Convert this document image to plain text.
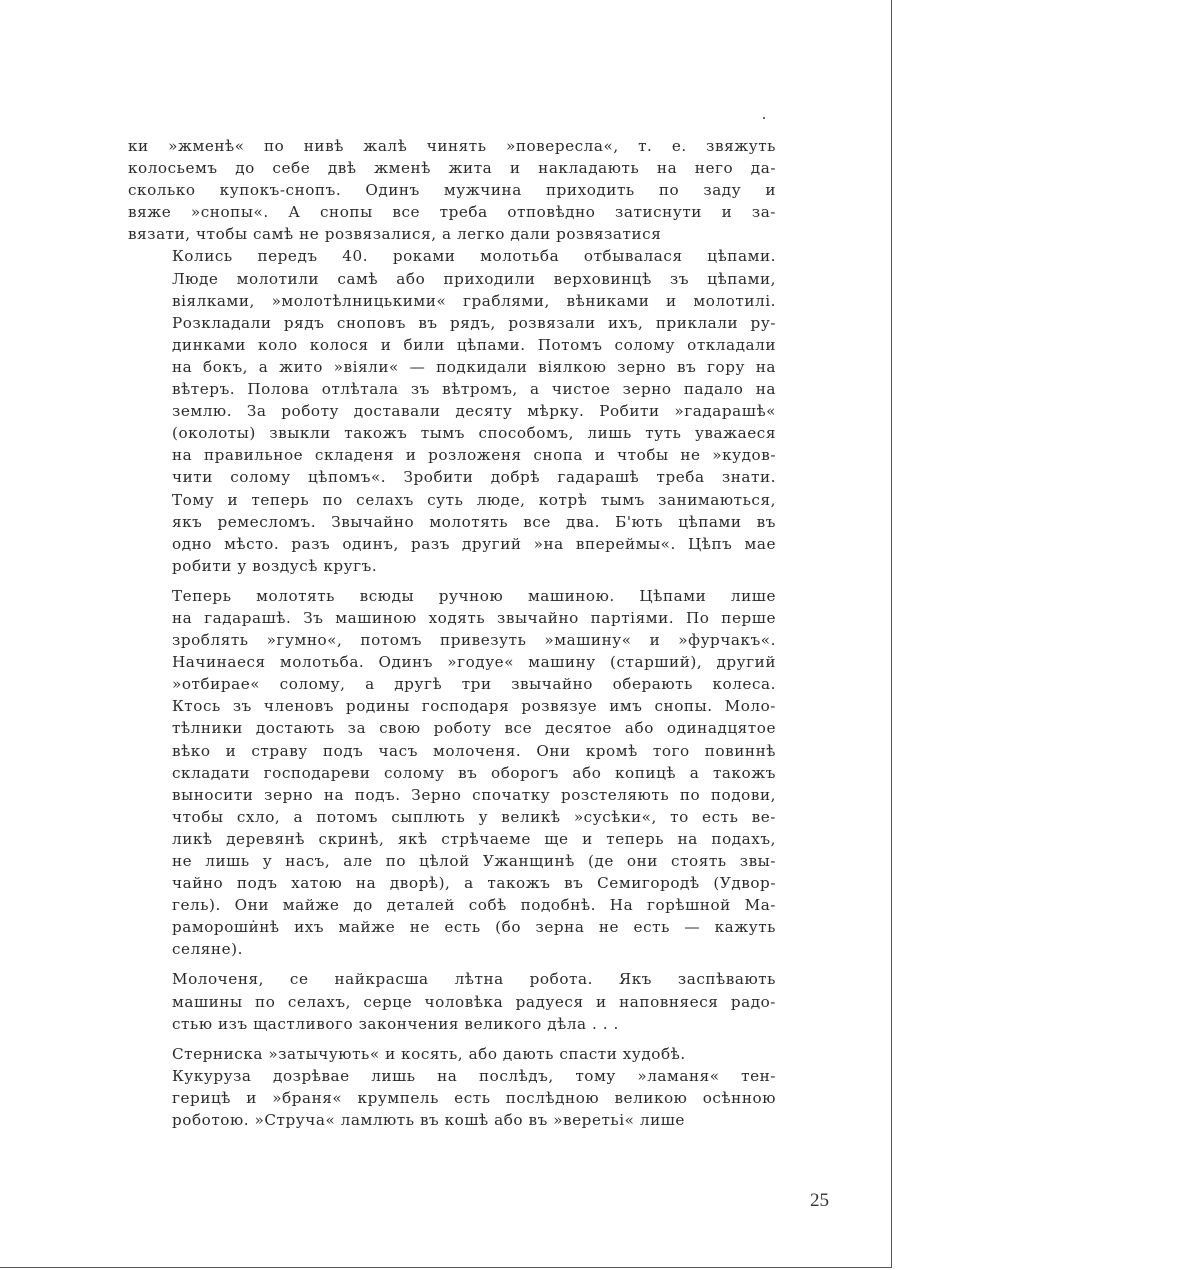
ки »жменѣ« по нивѣ жалѣ чинять »повересла«, т. е. звяжуть
колосьемъ до себе двѣ жменѣ жита и накладають на него да-
сколько купокъ-снопъ. Одинъ мужчина приходить по заду и
вяже »снопы«. А снопы все треба отповѣдно затиснути и за-
вязати, чтобы самѣ не розвязалися, а легко дали розвязатися
Колись передъ 40. роками молотьба отбывалася цѣпами.
Люде молотили самѣ або приходили верховинцѣ зъ цѣпами,
віялками, »молотѣлницькими« граблями, вѣниками и молотилі.
Розкладали рядъ сноповъ въ рядъ, розвязали ихъ, приклали ру-
динками коло колося и били цѣпами. Потомъ солому откладали
на бокъ, а жито »віяли« — подкидали віялкою зерно въ гору на
вѣтеръ. Полова отлѣтала зъ вѣтромъ, а чистое зерно падало на
землю. За роботу доставали десяту мѣрку. Робити »гадарашѣ«
(околоты) звыкли такожъ тымъ способомъ, лишь туть уважаеся
на правильное складеня и розложеня снопа и чтобы не »кудов-
чити солому цѣпомъ«. Зробити добрѣ гадарашѣ треба знати.
Тому и теперь по селахъ суть люде, котрѣ тымъ занимаються,
якъ ремесломъ. Звычайно молотять все два. Б'ють цѣпами въ
одно мѣсто. разъ одинъ, разъ другий »на впереймы«. Цѣпъ мае
робити у воздусѣ кругъ.
Теперь молотять всюды ручною машиною. Цѣпами лише
на гадарашѣ. Зъ машиною ходять звычайно партіями. По перше
зроблять »гумно«, потомъ привезуть »машину« и »фурчакъ«.
Начинаеся молотьба. Одинъ »годуе« машину (старший), другий
»отбирае« солому, а другѣ три звычайно оберають колеса.
Ктось зъ членовъ родины господаря розвязуе имъ снопы. Моло-
тѣлники достають за свою роботу все десятое або одинадцятое
вѣко и страву подъ часъ молоченя. Они кромѣ того повиннѣ
складати господареви солому въ оборогъ або копицѣ а такожъ
выносити зерно на подъ. Зерно спочатку розстеляють по подови,
чтобы схло, а потомъ сыплють у великѣ »сусѣки«, то есть ве-
ликѣ деревянѣ скринѣ, якѣ стрѣчаеме ще и теперь на подахъ,
не лишь у насъ, але по цѣлой Ужанщинѣ (де они стоять звы-
чайно подъ хатою на дворѣ), а такожъ въ Семигородѣ (Удвор-
гель). Они майже до деталей собѣ подобнѣ. На горѣшной Ма-
рамороши̇нѣ ихъ майже не есть (бо зерна не есть — кажуть
селяне).
Молоченя, се найкрасша лѣтна робота. Якъ заспѣвають
машины по селахъ, серце чоловѣка радуеся и наповняеся радо-
стью изъ щастливого закончения великого дѣла . . .
Стерниска »затычують« и косять, або дають спасти худобѣ.
Кукуруза дозрѣвае лишь на послѣдъ, тому »ламаня« тен-
герицѣ и »браня« крумпель есть послѣдною великою осѣнною
роботою. »Струча« ламлють въ кошѣ або въ »веретьі« лише
25
